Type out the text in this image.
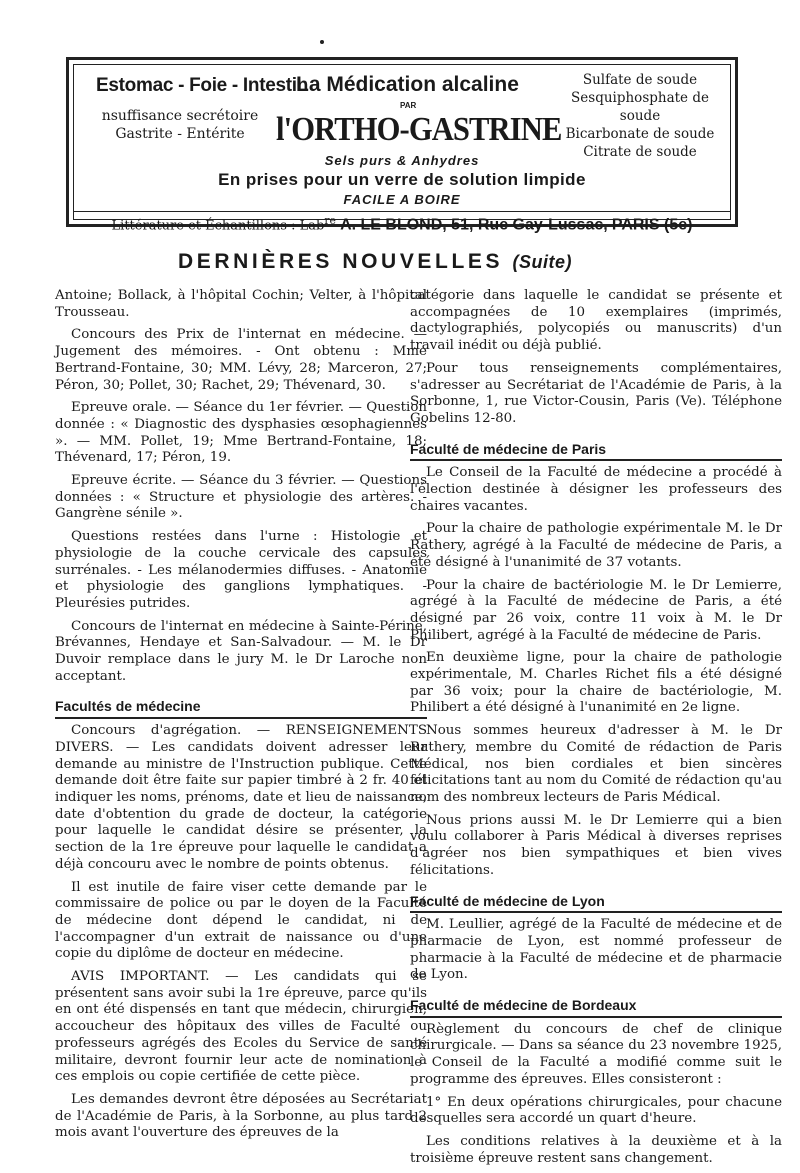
Estomac - Foie - Intestin
nsuffisance secrétoire
Gastrite - Entérite
La Médication alcaline
PAR
l'ORTHO-GASTRINE
Sulfate de soude
Sesquiphosphate de soude
Bicarbonate de soude
Citrate de soude
Sels purs & Anhydres
En prises pour un verre de solution limpide
FACILE A BOIRE
Littérature et Échantillons : Lab$^{re}$ A. LE BLOND, 51, Rue Gay-Lussac, PARIS (5e)
DERNIÈRES NOUVELLES (Suite)

Antoine; Bollack, à l'hôpital Cochin; Velter, à l'hôpital Trousseau.

Concours des Prix de l'internat en médecine. — Jugement des mémoires. - Ont obtenu : Mme Bertrand-Fontaine, 30; MM. Lévy, 28; Marceron, 27; Péron, 30; Pollet, 30; Rachet, 29; Thévenard, 30.

Epreuve orale. — Séance du 1er février. — Question donnée : « Diagnostic des dysphasies œsophagiennes ». — MM. Pollet, 19; Mme Bertrand-Fontaine, 18; Thévenard, 17; Péron, 19.

Epreuve écrite. — Séance du 3 février. — Questions données : « Structure et physiologie des artères. - Gangrène sénile ».

Questions restées dans l'urne : Histologie et physiologie de la couche cervicale des capsules surrénales. - Les mélanodermies diffuses. - Anatomie et physiologie des ganglions lymphatiques. - Pleurésies putrides.

Concours de l'internat en médecine à Sainte-Périne, Brévannes, Hendaye et San-Salvadour. — M. le Dr Duvoir remplace dans le jury M. le Dr Laroche non acceptant.

Facultés de médecine

Concours d'agrégation. — RENSEIGNEMENTS DIVERS. — Les candidats doivent adresser leur demande au ministre de l'Instruction publique. Cette demande doit être faite sur papier timbré à 2 fr. 40 et indiquer les noms, prénoms, date et lieu de naissance, date d'obtention du grade de docteur, la catégorie pour laquelle le candidat désire se présenter, la section de la 1re épreuve pour laquelle le candidat a déjà concouru avec le nombre de points obtenus.

Il est inutile de faire viser cette demande par le commissaire de police ou par le doyen de la Faculté de médecine dont dépend le candidat, ni de l'accompagner d'un extrait de naissance ou d'une copie du diplôme de docteur en médecine.

AVIS IMPORTANT. — Les candidats qui se présentent sans avoir subi la 1re épreuve, parce qu'ils en ont été dispensés en tant que médecin, chirurgien, accoucheur des hôpitaux des villes de Faculté ou professeurs agrégés des Ecoles du Service de santé militaire, devront fournir leur acte de nomination à ces emplois ou copie certifiée de cette pièce.

Les demandes devront être déposées au Secrétariat de l'Académie de Paris, à la Sorbonne, au plus tard 2 mois avant l'ouverture des épreuves de la

catégorie dans laquelle le candidat se présente et accompagnées de 10 exemplaires (imprimés, dactylographiés, polycopiés ou manuscrits) d'un travail inédit ou déjà publié.

Pour tous renseignements complémentaires, s'adresser au Secrétariat de l'Académie de Paris, à la Sorbonne, 1, rue Victor-Cousin, Paris (Ve). Téléphone Gobelins 12-80.

Faculté de médecine de Paris

Le Conseil de la Faculté de médecine a procédé à l'élection destinée à désigner les professeurs des chaires vacantes.

Pour la chaire de pathologie expérimentale M. le Dr Rathery, agrégé à la Faculté de médecine de Paris, a été désigné à l'unanimité de 37 votants.

Pour la chaire de bactériologie M. le Dr Lemierre, agrégé à la Faculté de médecine de Paris, a été désigné par 26 voix, contre 11 voix à M. le Dr Philibert, agrégé à la Faculté de médecine de Paris.

En deuxième ligne, pour la chaire de pathologie expérimentale, M. Charles Richet fils a été désigné par 36 voix; pour la chaire de bactériologie, M. Philibert a été désigné à l'unanimité en 2e ligne.

Nous sommes heureux d'adresser à M. le Dr Rathery, membre du Comité de rédaction de Paris Médical, nos bien cordiales et bien sincères félicitations tant au nom du Comité de rédaction qu'au nom des nombreux lecteurs de Paris Médical.

Nous prions aussi M. le Dr Lemierre qui a bien voulu collaborer à Paris Médical à diverses reprises d'agréer nos bien sympathiques et bien vives félicitations.

Faculté de médecine de Lyon

M. Leullier, agrégé de la Faculté de médecine et de pharmacie de Lyon, est nommé professeur de pharmacie à la Faculté de médecine et de pharmacie de Lyon.

Faculté de médecine de Bordeaux

Règlement du concours de chef de clinique chirurgicale. — Dans sa séance du 23 novembre 1925, le Conseil de la Faculté a modifié comme suit le programme des épreuves. Elles consisteront :

1° En deux opérations chirurgicales, pour chacune desquelles sera accordé un quart d'heure.

Les conditions relatives à la deuxième et à la troisième épreuve restent sans changement.
